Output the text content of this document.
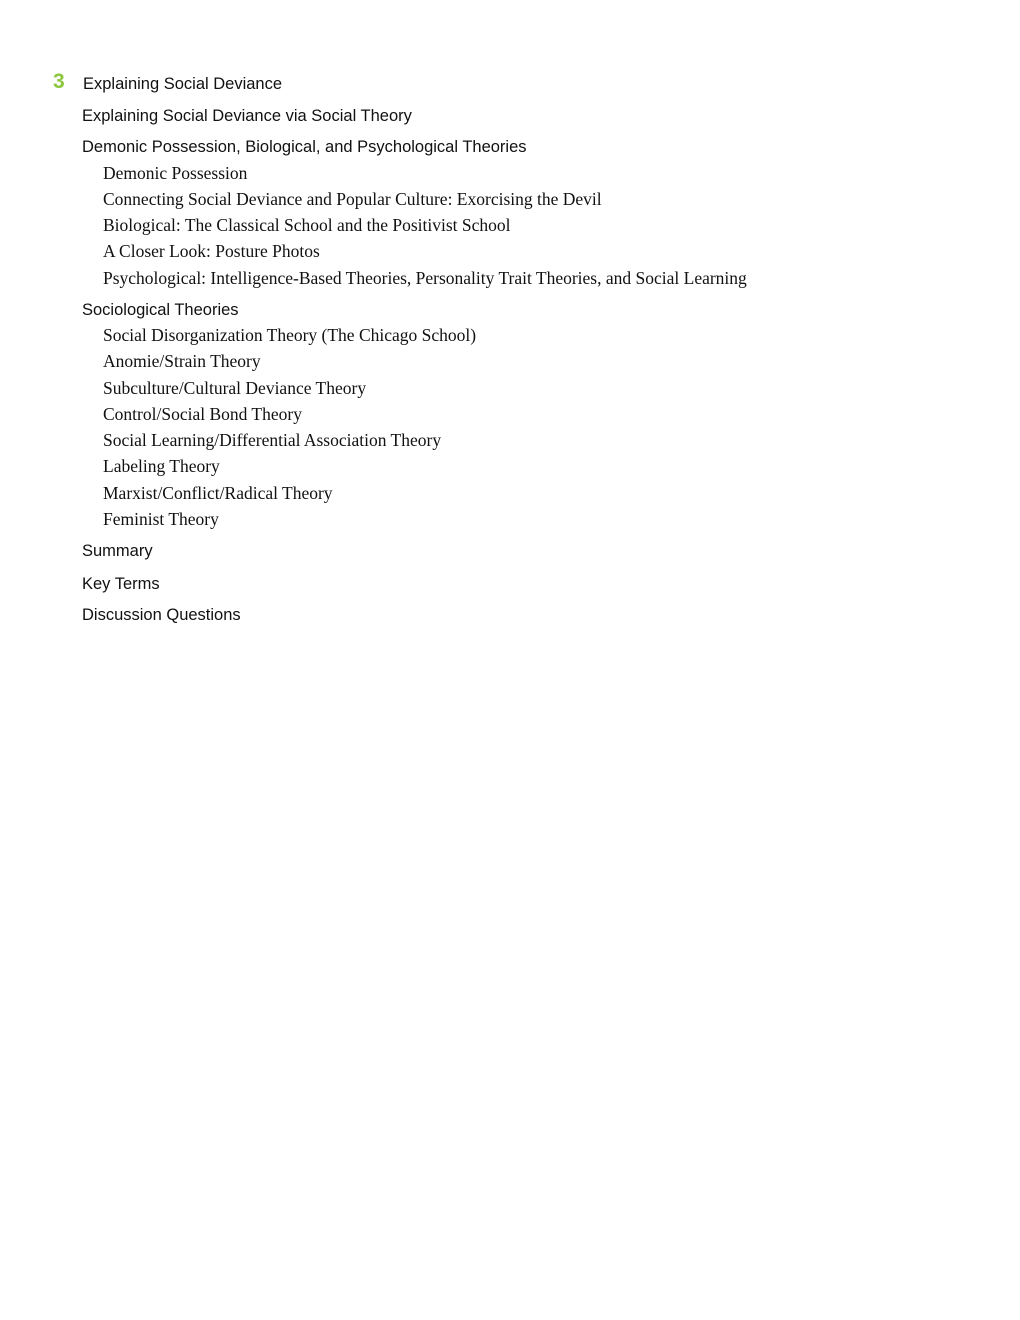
3 Explaining Social Deviance
Explaining Social Deviance via Social Theory
Demonic Possession, Biological, and Psychological Theories
Demonic Possession
Connecting Social Deviance and Popular Culture: Exorcising the Devil
Biological: The Classical School and the Positivist School
A Closer Look: Posture Photos
Psychological: Intelligence-Based Theories, Personality Trait Theories, and Social Learning
Sociological Theories
Social Disorganization Theory (The Chicago School)
Anomie/Strain Theory
Subculture/Cultural Deviance Theory
Control/Social Bond Theory
Social Learning/Differential Association Theory
Labeling Theory
Marxist/Conflict/Radical Theory
Feminist Theory
Summary
Key Terms
Discussion Questions
